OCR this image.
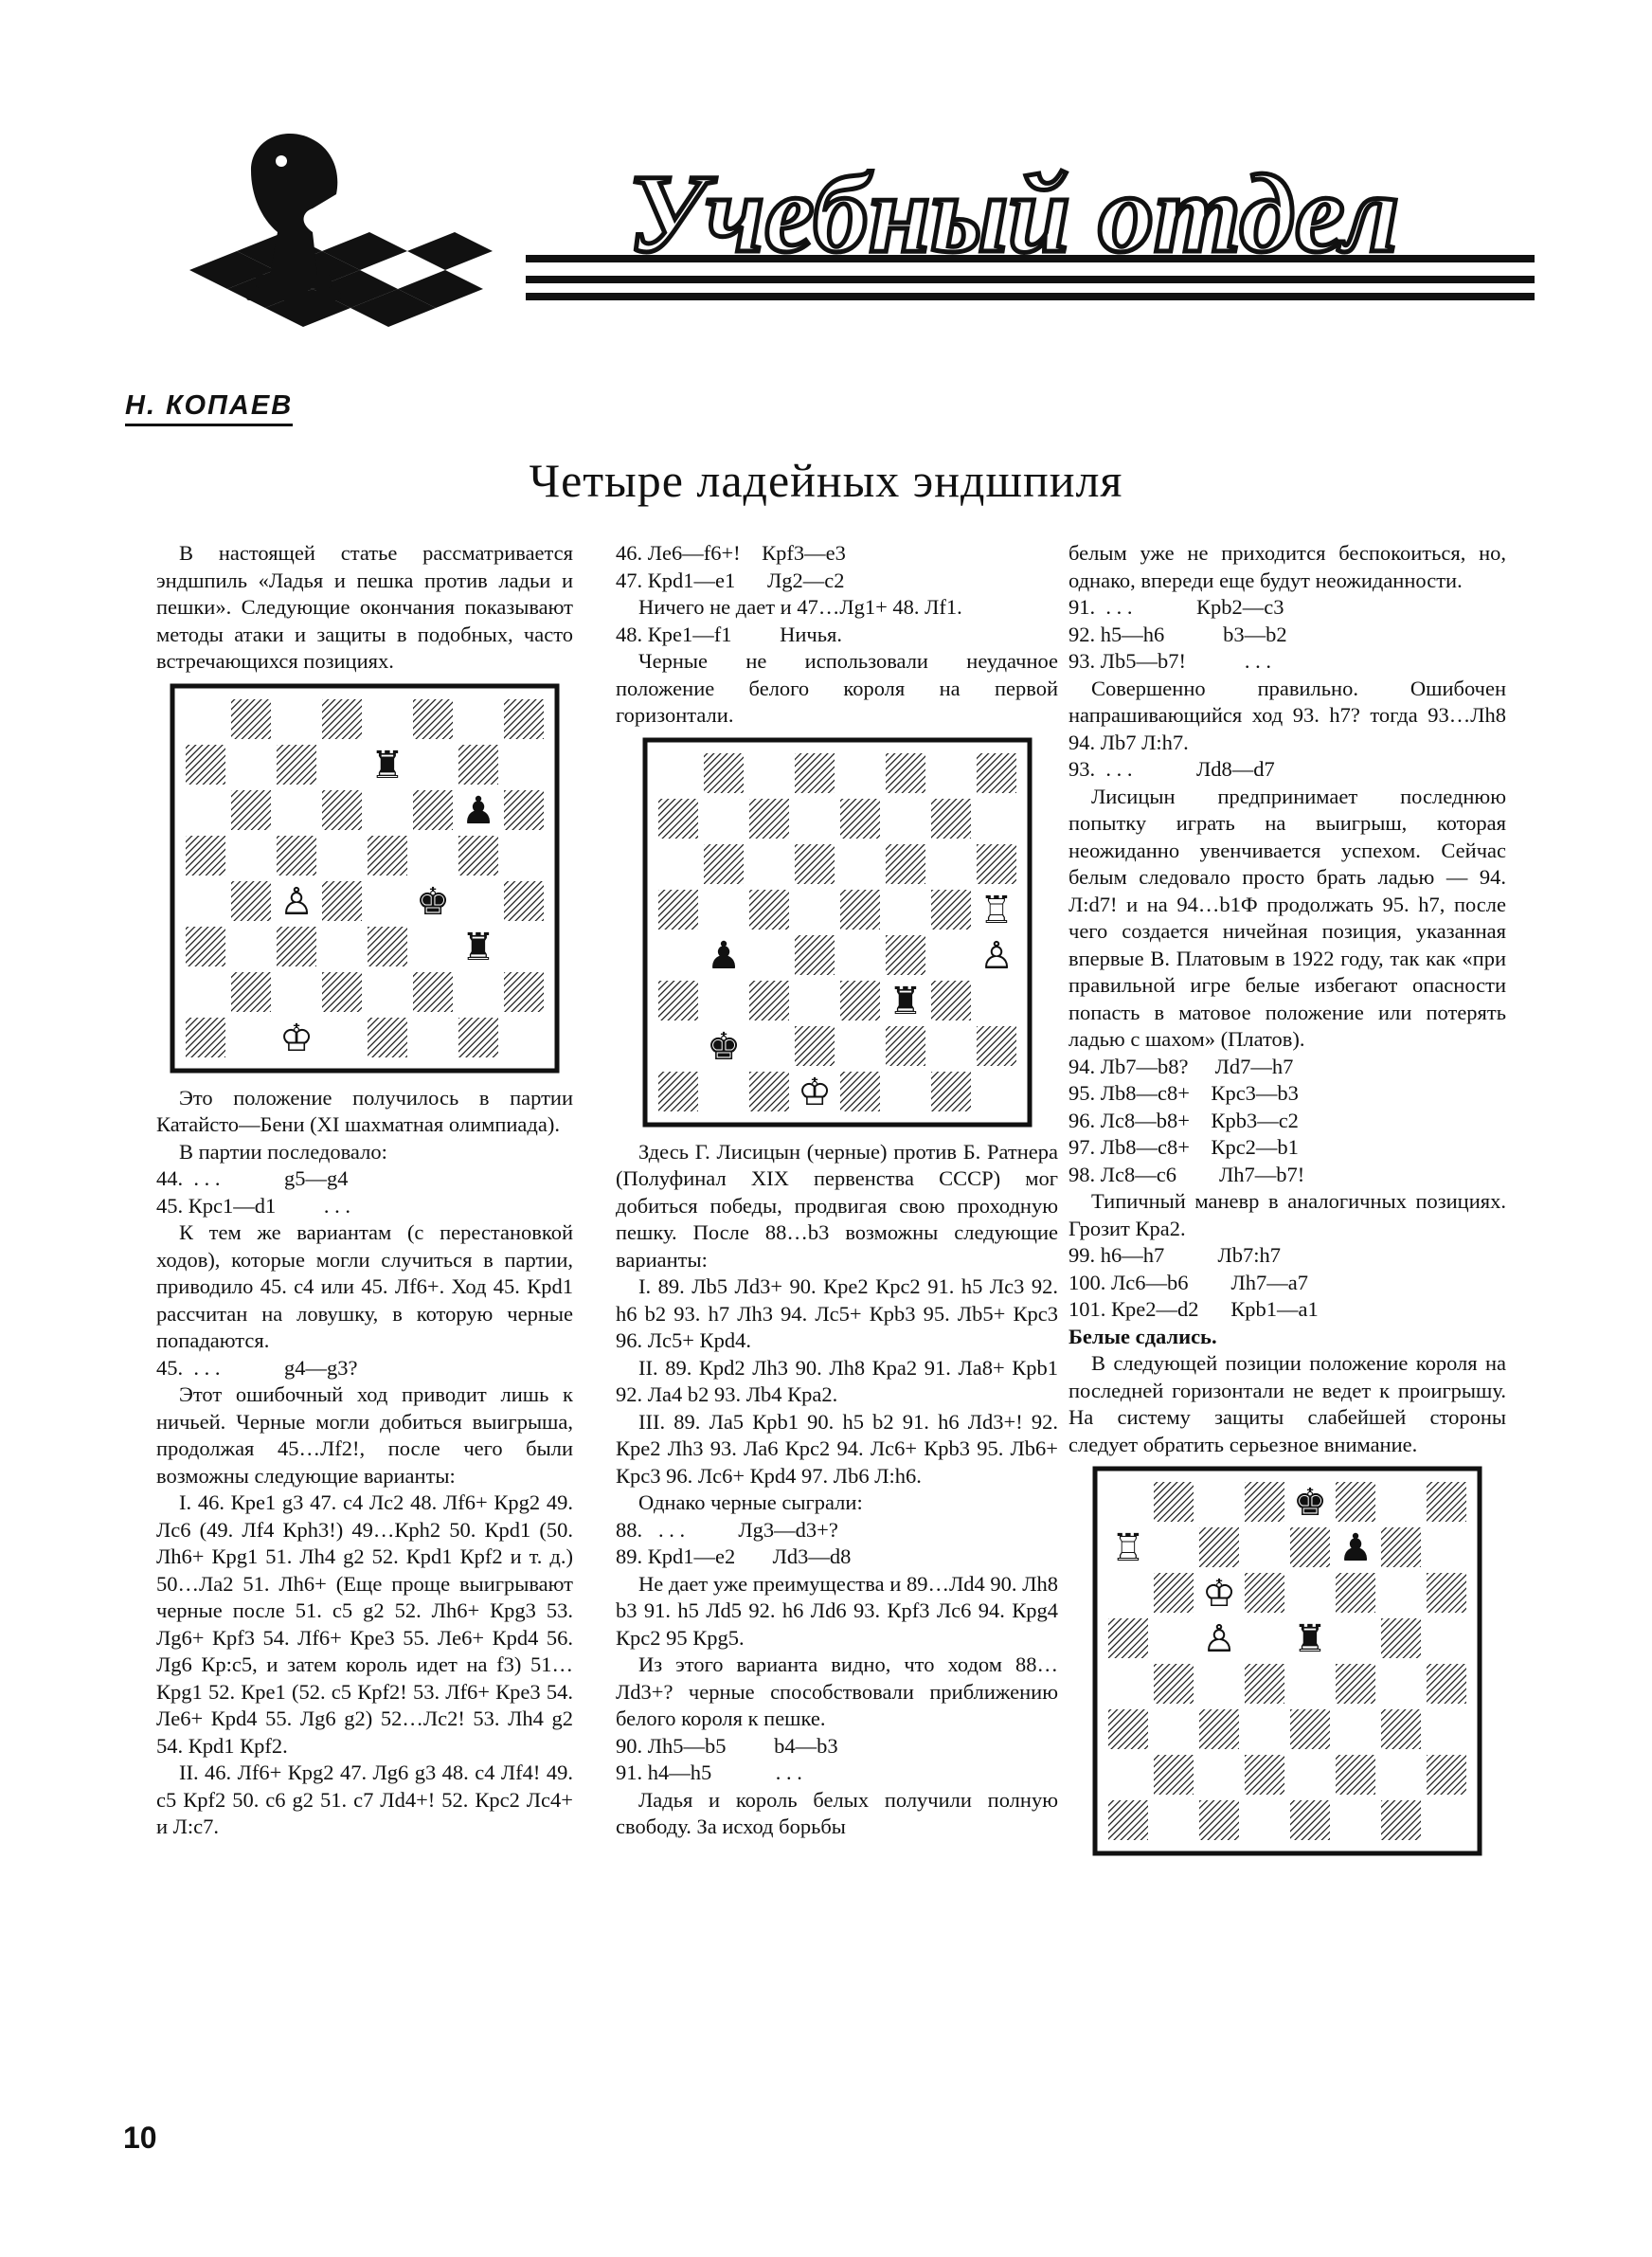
Учебный отдел
Н. КОПАЕВ
Четыре ладейных эндшпиля

В настоящей статье рассматривается эндшпиль «Ладья и пешка против ладьи и пешки». Следующие окончания показывают методы атаки и защиты в подобных, часто встречающихся позициях.

♜
♟
♙	♚
♜
♔

Это положение получилось в партии Катайсто—Бени (XI шахматная олимпиада).

В партии последовало:

44.  . . .            g5—g4

45. Кpc1—d1         . . .

К тем же вариантам (с перестановкой ходов), которые могли случиться в партии, приводило 45. c4 или 45. Лf6+. Ход 45. Кpd1 рассчитан на ловушку, в которую черные попадаются.

45.  . . .            g4—g3?

Этот ошибочный ход приводит лишь к ничьей. Черные могли добиться выигрыша, продолжая 45…Лf2!, после чего были возможны следующие варианты:

I. 46. Кpe1 g3 47. c4 Лc2 48. Лf6+ Кpg2 49. Лc6 (49. Лf4 Кph3!) 49…Кph2 50. Кpd1 (50. Лh6+ Кpg1 51. Лh4 g2 52. Кpd1 Кpf2 и т. д.) 50…Лa2 51. Лh6+ (Еще проще выигрывают черные после 51. c5 g2 52. Лh6+ Кpg3 53. Лg6+ Кpf3 54. Лf6+ Кpe3 55. Лe6+ Кpd4 56. Лg6 Кp:c5, и затем король идет на f3) 51…Кpg1 52. Кpe1 (52. c5 Кpf2! 53. Лf6+ Кpe3 54. Лe6+ Кpd4 55. Лg6 g2) 52…Лc2! 53. Лh4 g2 54. Кpd1 Кpf2.

II. 46. Лf6+ Кpg2 47. Лg6 g3 48. c4 Лf4! 49. c5 Кpf2 50. c6 g2 51. c7 Лd4+! 52. Кpc2 Лc4+ и Л:c7.

46. Лe6—f6+!    Кpf3—e3

47. Кpd1—e1      Лg2—c2

Ничего не дает и 47…Лg1+ 48. Лf1.

48. Кpe1—f1         Ничья.

Черные не использовали неудачное положение белого короля на первой горизонтали.

♖
♟	♙
♜
♚
♔

Здесь Г. Лисицын (черные) против Б. Ратнера (Полуфинал XIX первенства СССР) мог добиться победы, продвигая свою проходную пешку. После 88…b3 возможны следующие варианты:

I. 89. Лb5 Лd3+ 90. Кpe2 Кpc2 91. h5 Лc3 92. h6 b2 93. h7 Лh3 94. Лc5+ Кpb3 95. Лb5+ Кpc3 96. Лc5+ Кpd4.

II. 89. Кpd2 Лh3 90. Лh8 Кpa2 91. Лa8+ Кpb1 92. Лa4 b2 93. Лb4 Кpa2.

III. 89. Лa5 Кpb1 90. h5 b2 91. h6 Лd3+! 92. Кpe2 Лh3 93. Лa6 Кpc2 94. Лc6+ Кpb3 95. Лb6+ Кpc3 96. Лc6+ Кpd4 97. Лb6 Л:h6.

Однако черные сыграли:

88.   . . .          Лg3—d3+?

89. Кpd1—e2       Лd3—d8

Не дает уже преимущества и 89…Лd4 90. Лh8 b3 91. h5 Лd5 92. h6 Лd6 93. Кpf3 Лc6 94. Кpg4 Кpc2 95 Кpg5.

Из этого варианта видно, что ходом 88…Лd3+? черные способствовали приближению белого короля к пешке.

90. Лh5—b5         b4—b3

91. h4—h5            . . .

Ладья и король белых получили полную свободу. За исход борьбы

белым уже не приходится беспокоиться, но, однако, впереди еще будут неожиданности.

91.  . . .            Кpb2—c3

92. h5—h6           b3—b2

93. Лb5—b7!           . . .

Совершенно правильно. Ошибочен напрашивающийся ход 93. h7? тогда 93…Лh8 94. Лb7 Л:h7.

93.  . . .            Лd8—d7

Лисицын предпринимает последнюю попытку играть на выигрыш, которая неожиданно увенчивается успехом. Сейчас белым следовало просто брать ладью — 94. Л:d7! и на 94…b1Ф продолжать 95. h7, после чего создается ничейная позиция, указанная впервые В. Платовым в 1922 году, так как «при правильной игре белые избегают опасности попасть в матовое положение или потерять ладью с шахом» (Платов).

94. Лb7—b8?     Лd7—h7

95. Лb8—c8+    Кpc3—b3

96. Лc8—b8+    Кpb3—c2

97. Лb8—c8+    Кpc2—b1

98. Лc8—c6        Лh7—b7!

Типичный маневр в аналогичных позициях. Грозит Кpa2.

99. h6—h7          Лb7:h7

100. Лc6—b6        Лh7—a7

101. Кpe2—d2      Кpb1—a1

Белые сдались.

В следующей позиции положение короля на последней горизонтали не ведет к проигрышу. На систему защиты слабейшей стороны следует обратить серьезное внимание.

♚
♖	♟
♔
♙ ♜
10
